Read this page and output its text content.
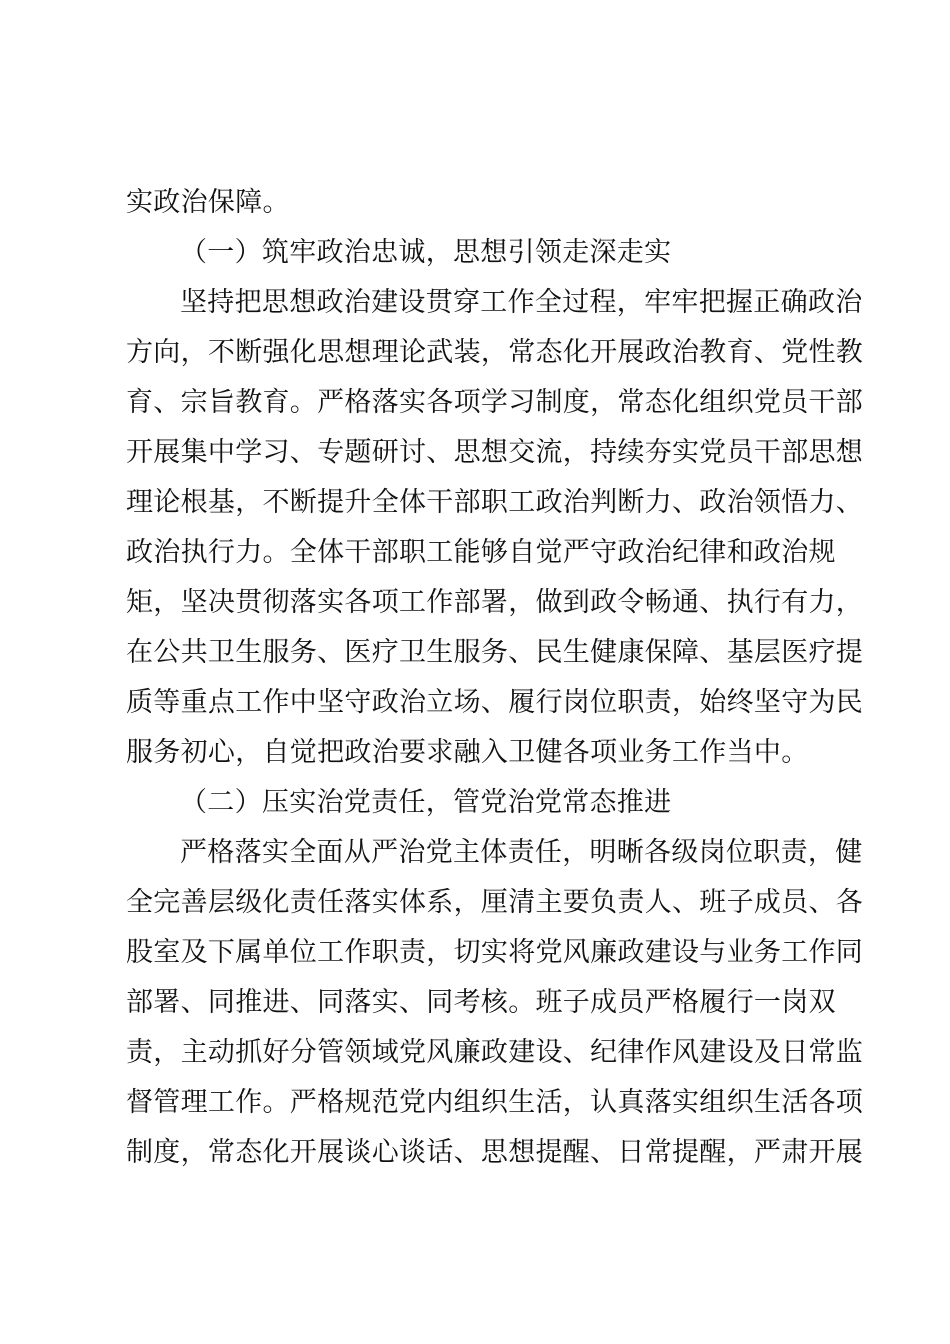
实政治保障。
（一）筑牢政治忠诚，思想引领走深走实
坚持把思想政治建设贯穿工作全过程，牢牢把握正确政治
方向，不断强化思想理论武装，常态化开展政治教育、党性教
育、宗旨教育。严格落实各项学习制度，常态化组织党员干部
开展集中学习、专题研讨、思想交流，持续夯实党员干部思想
理论根基，不断提升全体干部职工政治判断力、政治领悟力、
政治执行力。全体干部职工能够自觉严守政治纪律和政治规
矩，坚决贯彻落实各项工作部署，做到政令畅通、执行有力，
在公共卫生服务、医疗卫生服务、民生健康保障、基层医疗提
质等重点工作中坚守政治立场、履行岗位职责，始终坚守为民
服务初心，自觉把政治要求融入卫健各项业务工作当中。
（二）压实治党责任，管党治党常态推进
严格落实全面从严治党主体责任，明晰各级岗位职责，健
全完善层级化责任落实体系，厘清主要负责人、班子成员、各
股室及下属单位工作职责，切实将党风廉政建设与业务工作同
部署、同推进、同落实、同考核。班子成员严格履行一岗双
责，主动抓好分管领域党风廉政建设、纪律作风建设及日常监
督管理工作。严格规范党内组织生活，认真落实组织生活各项
制度，常态化开展谈心谈话、思想提醒、日常提醒，严肃开展
